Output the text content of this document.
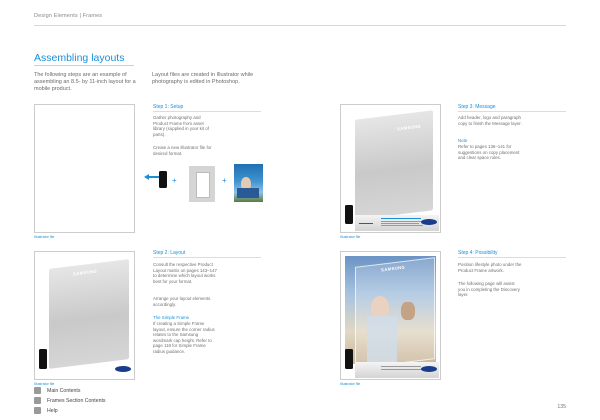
Design Elements | Frames
Assembling layouts
The following steps are an example of assembling an 8.5- by 11-inch layout for a mobile product.
Layout files are created in Illustrator while photography is edited in Photoshop.
Illustrator file
Step 1: Setup
Gather photography and Product Frame from asset library (supplied in your kit of parts).
Create a new Illustrator file for desired format.
+	+
SAMSUNG
Illustrator file
Step 3: Message
Add header, logo and paragraph copy to finish the Message layer.
Note
Refer to pages 136–141 for suggestions on copy placement and clear space rules.
SAMSUNG
Illustrator file
Step 2: Layout
Consult the respective Product Layout matrix on pages 143–147 to determine which layout works best for your format.
Arrange your layout elements accordingly.
The Simple Frame
If creating a Simple Frame layout, ensure the corner radius relates to the Samsung wordmark cap height. Refer to page 118 for Simple Frame radius guidance.
SAMSUNG
Illustrator file
Step 4: Possibility
Position lifestyle photo under the Product Frame artwork.
The following page will assist you in completing the Discovery layer.
Main Contents
Frames Section Contents
Help
135
